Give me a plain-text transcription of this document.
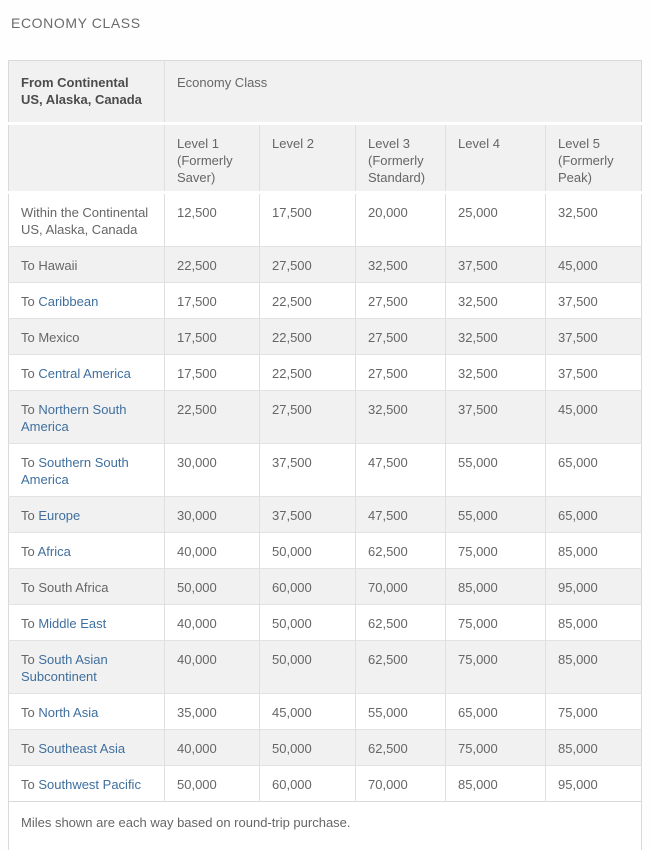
ECONOMY CLASS
From Continental US, Alaska, Canada	Economy Class				
	Level 1 (Formerly Saver)	Level 2	Level 3 (Formerly Standard)	Level 4	Level 5 (Formerly Peak)
Within the Continental US, Alaska, Canada	12,500	17,500	20,000	25,000	32,500
To Hawaii	22,500	27,500	32,500	37,500	45,000
To Caribbean	17,500	22,500	27,500	32,500	37,500
To Mexico	17,500	22,500	27,500	32,500	37,500
To Central America	17,500	22,500	27,500	32,500	37,500
To Northern South America	22,500	27,500	32,500	37,500	45,000
To Southern South America	30,000	37,500	47,500	55,000	65,000
To Europe	30,000	37,500	47,500	55,000	65,000
To Africa	40,000	50,000	62,500	75,000	85,000
To South Africa	50,000	60,000	70,000	85,000	95,000
To Middle East	40,000	50,000	62,500	75,000	85,000
To South Asian Subcontinent	40,000	50,000	62,500	75,000	85,000
To North Asia	35,000	45,000	55,000	65,000	75,000
To Southeast Asia	40,000	50,000	62,500	75,000	85,000
To Southwest Pacific	50,000	60,000	70,000	85,000	95,000
Miles shown are each way based on round-trip purchase.					
